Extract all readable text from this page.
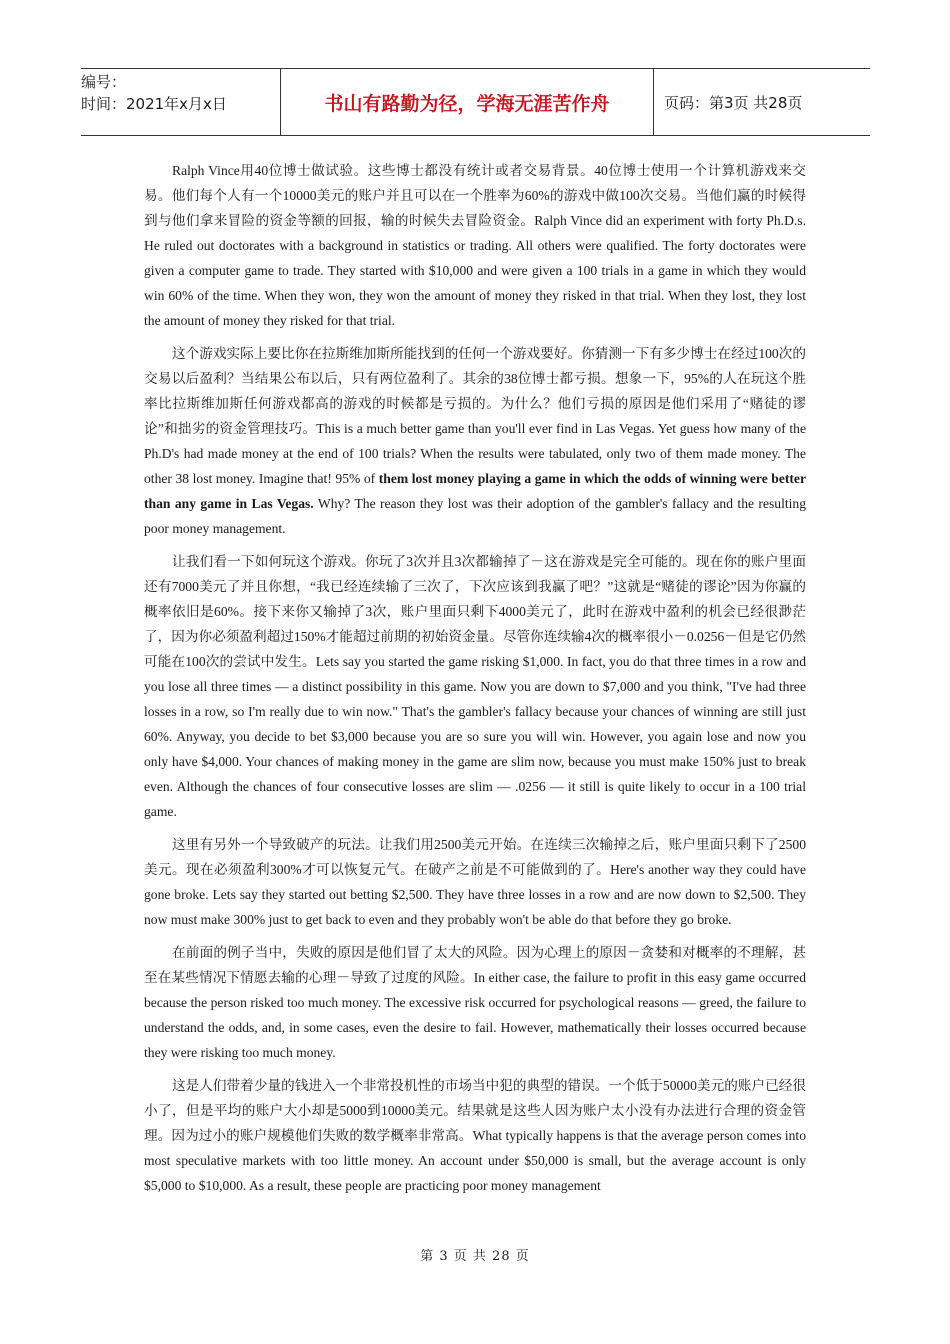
编号：
时间：2021年x月x日	书山有路勤为径，学海无涯苦作舟	页码：第3页 共28页

Ralph Vince用40位博士做试验。这些博士都没有统计或者交易背景。40位博士使用一个计算机游戏来交易。他们每个人有一个10000美元的账户并且可以在一个胜率为60%的游戏中做100次交易。当他们赢的时候得到与他们拿来冒险的资金等额的回报，输的时候失去冒险资金。Ralph Vince did an experiment with forty Ph.D.s. He ruled out doctorates with a background in statistics or trading. All others were qualified. The forty doctorates were given a computer game to trade. They started with $10,000 and were given a 100 trials in a game in which they would win 60% of the time. When they won, they won the amount of money they risked in that trial. When they lost, they lost the amount of money they risked for that trial.

这个游戏实际上要比你在拉斯维加斯所能找到的任何一个游戏要好。你猜测一下有多少博士在经过100次的交易以后盈利？当结果公布以后，只有两位盈利了。其余的38位博士都亏损。想象一下，95%的人在玩这个胜率比拉斯维加斯任何游戏都高的游戏的时候都是亏损的。为什么？他们亏损的原因是他们采用了“赌徒的谬论”和拙劣的资金管理技巧。This is a much better game than you'll ever find in Las Vegas. Yet guess how many of the Ph.D's had made money at the end of 100 trials? When the results were tabulated, only two of them made money. The other 38 lost money. Imagine that! 95% of them lost money playing a game in which the odds of winning were better than any game in Las Vegas. Why? The reason they lost was their adoption of the gambler's fallacy and the resulting poor money management.

让我们看一下如何玩这个游戏。你玩了3次并且3次都输掉了－这在游戏是完全可能的。现在你的账户里面还有7000美元了并且你想，“我已经连续输了三次了，下次应该到我赢了吧？”这就是“赌徒的谬论”因为你赢的概率依旧是60%。接下来你又输掉了3次，账户里面只剩下4000美元了，此时在游戏中盈利的机会已经很渺茫了，因为你必须盈利超过150%才能超过前期的初始资金量。尽管你连续输4次的概率很小－0.0256－但是它仍然可能在100次的尝试中发生。Lets say you started the game risking $1,000. In fact, you do that three times in a row and you lose all three times — a distinct possibility in this game. Now you are down to $7,000 and you think, "I've had three losses in a row, so I'm really due to win now." That's the gambler's fallacy because your chances of winning are still just 60%. Anyway, you decide to bet $3,000 because you are so sure you will win. However, you again lose and now you only have $4,000. Your chances of making money in the game are slim now, because you must make 150% just to break even. Although the chances of four consecutive losses are slim — .0256 — it still is quite likely to occur in a 100 trial game.

这里有另外一个导致破产的玩法。让我们用2500美元开始。在连续三次输掉之后，账户里面只剩下了2500美元。现在必须盈利300%才可以恢复元气。在破产之前是不可能做到的了。Here's another way they could have gone broke. Lets say they started out betting $2,500. They have three losses in a row and are now down to $2,500. They now must make 300% just to get back to even and they probably won't be able do that before they go broke.

在前面的例子当中，失败的原因是他们冒了太大的风险。因为心理上的原因－贪婪和对概率的不理解，甚至在某些情况下情愿去输的心理－导致了过度的风险。In either case, the failure to profit in this easy game occurred because the person risked too much money. The excessive risk occurred for psychological reasons — greed, the failure to understand the odds, and, in some cases, even the desire to fail. However, mathematically their losses occurred because they were risking too much money.

这是人们带着少量的钱进入一个非常投机性的市场当中犯的典型的错误。一个低于50000美元的账户已经很小了，但是平均的账户大小却是5000到10000美元。结果就是这些人因为账户太小没有办法进行合理的资金管理。因为过小的账户规模他们失败的数学概率非常高。What typically happens is that the average person comes into most speculative markets with too little money. An account under $50,000 is small, but the average account is only $5,000 to $10,000. As a result, these people are practicing poor money management

第 3 页 共 28 页
